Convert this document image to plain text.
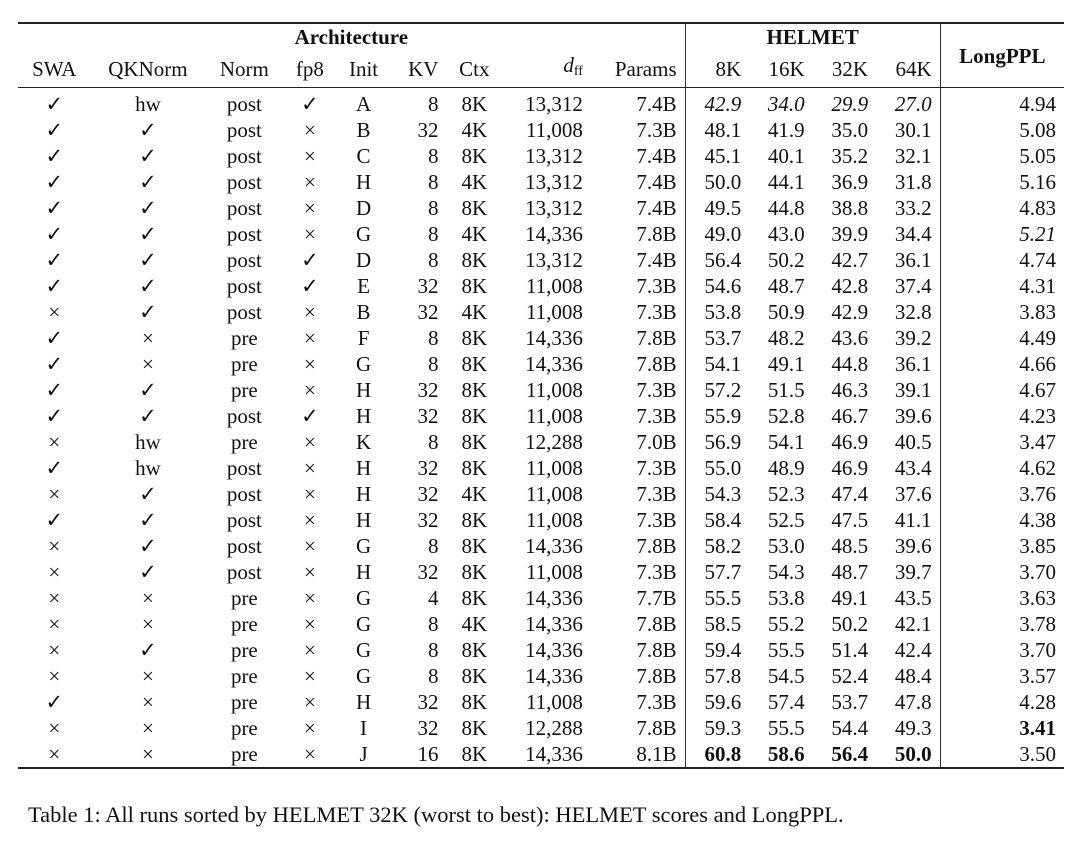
Architecture									HELMET				LongPPL
SWA	QKNorm	Norm	fp8	Init	KV	Ctx	$d_{ff}$	Params	8K	16K	32K	64K	
✓	hw	post	✓	A	8	8K	13,312	7.4B	42.9	34.0	29.9	27.0	4.94
✓	✓	post	×	B	32	4K	11,008	7.3B	48.1	41.9	35.0	30.1	5.08
✓	✓	post	×	C	8	8K	13,312	7.4B	45.1	40.1	35.2	32.1	5.05
✓	✓	post	×	H	8	4K	13,312	7.4B	50.0	44.1	36.9	31.8	5.16
✓	✓	post	×	D	8	8K	13,312	7.4B	49.5	44.8	38.8	33.2	4.83
✓	✓	post	×	G	8	4K	14,336	7.8B	49.0	43.0	39.9	34.4	5.21
✓	✓	post	✓	D	8	8K	13,312	7.4B	56.4	50.2	42.7	36.1	4.74
✓	✓	post	✓	E	32	8K	11,008	7.3B	54.6	48.7	42.8	37.4	4.31
×	✓	post	×	B	32	4K	11,008	7.3B	53.8	50.9	42.9	32.8	3.83
✓	×	pre	×	F	8	8K	14,336	7.8B	53.7	48.2	43.6	39.2	4.49
✓	×	pre	×	G	8	8K	14,336	7.8B	54.1	49.1	44.8	36.1	4.66
✓	✓	pre	×	H	32	8K	11,008	7.3B	57.2	51.5	46.3	39.1	4.67
✓	✓	post	✓	H	32	8K	11,008	7.3B	55.9	52.8	46.7	39.6	4.23
×	hw	pre	×	K	8	8K	12,288	7.0B	56.9	54.1	46.9	40.5	3.47
✓	hw	post	×	H	32	8K	11,008	7.3B	55.0	48.9	46.9	43.4	4.62
×	✓	post	×	H	32	4K	11,008	7.3B	54.3	52.3	47.4	37.6	3.76
✓	✓	post	×	H	32	8K	11,008	7.3B	58.4	52.5	47.5	41.1	4.38
×	✓	post	×	G	8	8K	14,336	7.8B	58.2	53.0	48.5	39.6	3.85
×	✓	post	×	H	32	8K	11,008	7.3B	57.7	54.3	48.7	39.7	3.70
×	×	pre	×	G	4	8K	14,336	7.7B	55.5	53.8	49.1	43.5	3.63
×	×	pre	×	G	8	4K	14,336	7.8B	58.5	55.2	50.2	42.1	3.78
×	✓	pre	×	G	8	8K	14,336	7.8B	59.4	55.5	51.4	42.4	3.70
×	×	pre	×	G	8	8K	14,336	7.8B	57.8	54.5	52.4	48.4	3.57
✓	×	pre	×	H	32	8K	11,008	7.3B	59.6	57.4	53.7	47.8	4.28
×	×	pre	×	I	32	8K	12,288	7.8B	59.3	55.5	54.4	49.3	3.41
×	×	pre	×	J	16	8K	14,336	8.1B	60.8	58.6	56.4	50.0	3.50
Table 1: All runs sorted by HELMET 32K (worst to best): HELMET scores and LongPPL.
